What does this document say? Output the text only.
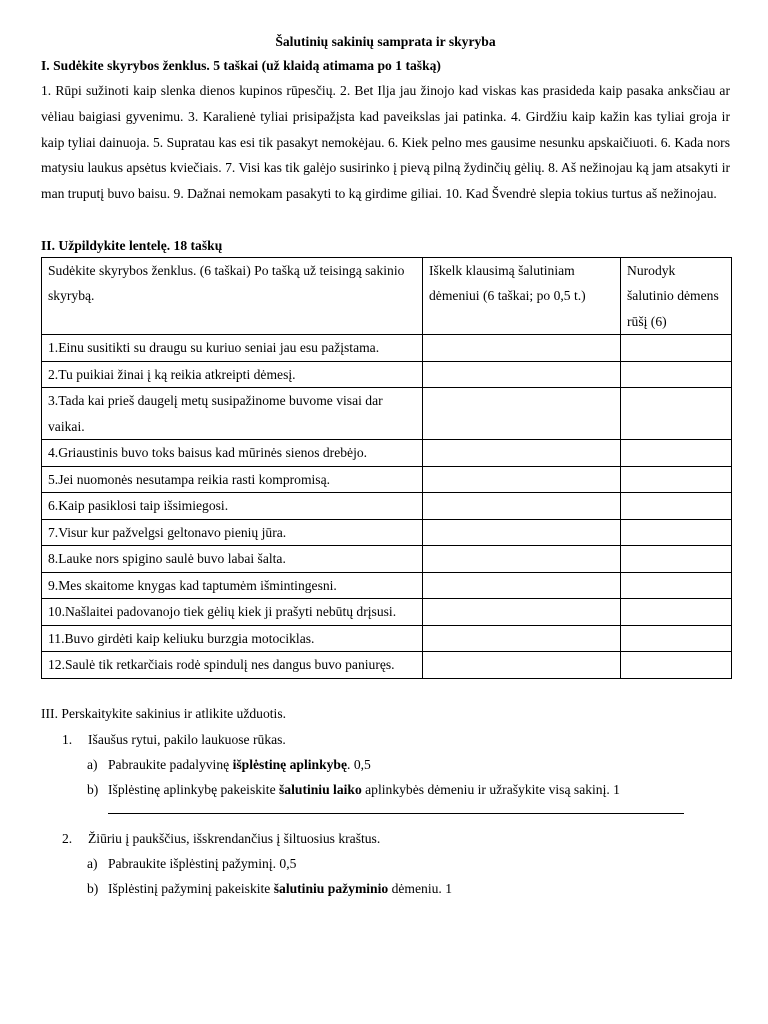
Šalutinių sakinių samprata ir skyryba
I. Sudėkite skyrybos ženklus. 5 taškai (už klaidą atimama po 1 tašką)

1. Rūpi sužinoti kaip slenka dienos kupinos rūpesčių. 2. Bet Ilja jau žinojo kad viskas kas prasideda kaip pasaka anksčiau ar vėliau baigiasi gyvenimu. 3. Karalienė tyliai prisipažįsta kad paveikslas jai patinka. 4. Girdžiu kaip kažin kas tyliai groja ir kaip tyliai dainuoja. 5. Supratau kas esi tik pasakyt nemokėjau. 6. Kiek pelno mes gausime nesunku apskaičiuoti. 6. Kada nors matysiu laukus apsėtus kviečiais. 7. Visi kas tik galėjo susirinko į pievą pilną žydinčių gėlių. 8. Aš nežinojau ką jam atsakyti ir man truputį buvo baisu. 9. Dažnai nemokam pasakyti to ką girdime giliai. 10. Kad Švendrė slepia tokius turtus aš nežinojau.

II. Užpildykite lentelę. 18 taškų
Sudėkite skyrybos ženklus. (6 taškai) Po tašką už teisingą sakinio skyrybą.	Iškelk klausimą šalutiniam dėmeniui (6 taškai; po 0,5 t.)	Nurodyk šalutinio dėmens rūšį (6)
1.Einu susitikti su draugu su kuriuo seniai jau esu pažįstama.		
2.Tu puikiai žinai į ką reikia atkreipti dėmesį.		
3.Tada kai prieš daugelį metų susipažinome buvome visai dar vaikai.		
4.Griaustinis buvo toks baisus kad mūrinės sienos drebėjo.		
5.Jei nuomonės nesutampa reikia rasti kompromisą.		
6.Kaip pasiklosi taip išsimiegosi.		
7.Visur kur pažvelgsi geltonavo pienių jūra.		
8.Lauke nors spigino saulė buvo labai šalta.		
9.Mes skaitome knygas kad taptumėm išmintingesni.		
10.Našlaitei padovanojo tiek gėlių kiek ji prašyti nebūtų drįsusi.		
11.Buvo girdėti kaip keliuku burzgia motociklas.		
12.Saulė tik retkarčiais rodė spindulį nes dangus buvo paniuręs.		
III. Perskaitykite sakinius ir atlikite užduotis.
1. Išaušus rytui, pakilo laukuose rūkas.
a) Pabraukite padalyvinę išplėstinę aplinkybę. 0,5
b) Išplėstinę aplinkybę pakeiskite šalutiniu laiko aplinkybės dėmeniu ir užrašykite visą sakinį. 1
2. Žiūriu į paukščius, išskrendančius į šiltuosius kraštus.
a) Pabraukite išplėstinį pažyminį. 0,5
b) Išplėstinį pažyminį pakeiskite šalutiniu pažyminio dėmeniu. 1
